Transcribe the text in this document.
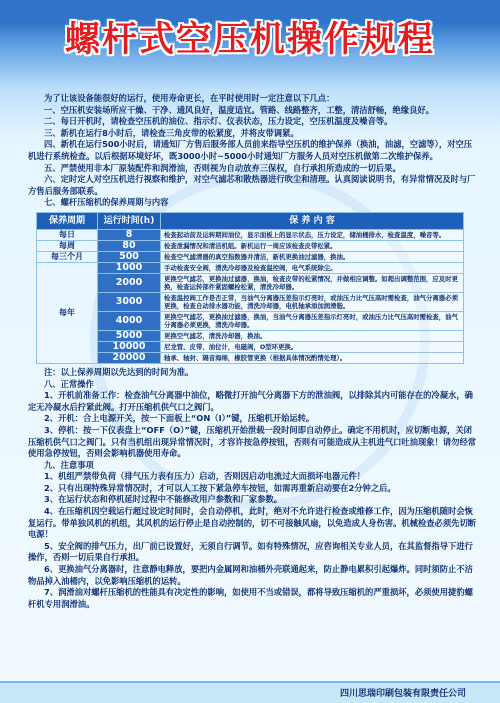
螺杆式空压机操作规程

为了让该设备能很好的运行，使用寿命更长，在平时使用时一定注意以下几点：

一、空压机安装场所应干燥、干净、通风良好，温度适宜。管路、线路整齐，工整，清洁舒畅，绝缘良好。

二、每日开机时，请检查空压机的油位、指示灯、仪表状态，压力设定，空压机温度及噪音等。

三、新机在运行8小时后，请检查三角皮带的松紧度，并将皮带调紧。

四、新机在运行500小时后，请通知厂方售后服务部人员前来指导空压机的维护保养（换油，油滤，空滤等），对空压机进行系统检查。以后根据环境好坏，既3000小时~5000小时通知厂方服务人员对空压机做第二次维护保养。

五、严禁使用非本厂原装配件和润滑油，否则视为自动放弃三保权，自行承担所造成的一切后果。

六、定时定人对空压机进行视察和维护，对空气滤芯和散热器进行吹尘和清理。认真阅读说明书，有异常情况及时与厂方售后服务部联系。

七、螺杆压缩机的保养周期与内容

保养周期	运行时间(h)	保 养 内 容
每日	8	检查起动前及运转期间油位，显示面板上的显示状态，压力设定，储油桶排水，检查温度，噪音等。
每周	80	检查泄漏情况和清洁机组。新机运行一周应该检查皮带松紧。
每三个月	500	检查空气滤清器的真空指数器并清洁，新机更换油过滤器，换油。
每年	1000	手动检查安全阀，清洗冷却器及检查温控阀，电气系统除尘。
	2000	更换空气滤芯，更换油过滤器，换油，检查皮带的松紧情况，并做相应调整。如超出调整范围，应及时更换，检查运转部件紧固螺栓松紧，清洗冷却器。
	3000	检查温控阀工作是否正常，当油气分离器压差指示灯亮时，或油压力比气压高时需检查，油气分离器必须更换，检查自动排水器功能，清洗冷却器，电机轴承添加润滑脂。
	4000	更换空气滤芯，更换油过滤器，换油，当油气分离器压差指示灯亮时，或油压力比气压高时需检查，油气分离器必须更换，清洗冷却器。
	5000	更换空气滤芯，清洗冷却器，换油。
	10000	尼龙管、皮带、油位计，电磁阀，O型环更换。
	20000	轴承、轴封、隔音海绵，橡胶管更换（根据具体情况酌情处理）。

注：以上保养周期以先达到的时间为准。

八、正常操作

1、开机前准备工作：检查油气分离器中油位，略微打开油气分离器下方的泄油阀，以排除其内可能存在的冷凝水，确定无冷凝水后拧紧此阀。打开压缩机供气口之阀门。

2、开机：合上电源开关，按一下面板上“ON（I）”键，压缩机开始运转。

3、停机：按一下仪表盘上“OFF（O）”键，压缩机开始泄载一段时间即自动停止。确定不用机时，应切断电源，关闭压缩机供气口之阀门。只有当机组出现异常情况时，才容许按急停按钮，否则有可能造成从主机进气口吐油现象！请勿经常使用急停按钮，否则会影响机器使用寿命。

九、注意事项

1、机组严禁带负荷（排气压力表有压力）启动，否则因启动电流过大而损坏电器元件！

2、只有出现特殊异常情况时，才可以人工按下紧急停车按钮，如需再重新启动要在2分钟之后。

3、在运行状态和停机延时过程中不能修改用户参数和厂家参数。

4、在压缩机因空载运行超过设定时间时，会自动停机，此时，绝对不允许进行检查或维修工作，因为压缩机随时会恢复运行。带单独风机的机组，其风机的运行停止是自动控制的，切不可接触风扇，以免造成人身伤害。机械检查必须先切断电源！

5、安全阀的排气压力，出厂前已设置好，无须自行调节。如有特殊情况，应咨询相关专业人员，在其监督指导下进行操作，否则一切后果自行承担。

6、更换油气分离器时，注意静电释放，要把内金属网和油桶外壳联通起来，防止静电累积引起爆炸。同时须防止不洁物品掉入油桶内，以免影响压缩机的运转。

7、润滑油对螺杆压缩机的性能具有决定性的影响，如使用不当或错误，都将导致压缩机的严重损坏，必须使用捷豹螺杆机专用润滑油。

四川思瑞印刷包装有限责任公司
